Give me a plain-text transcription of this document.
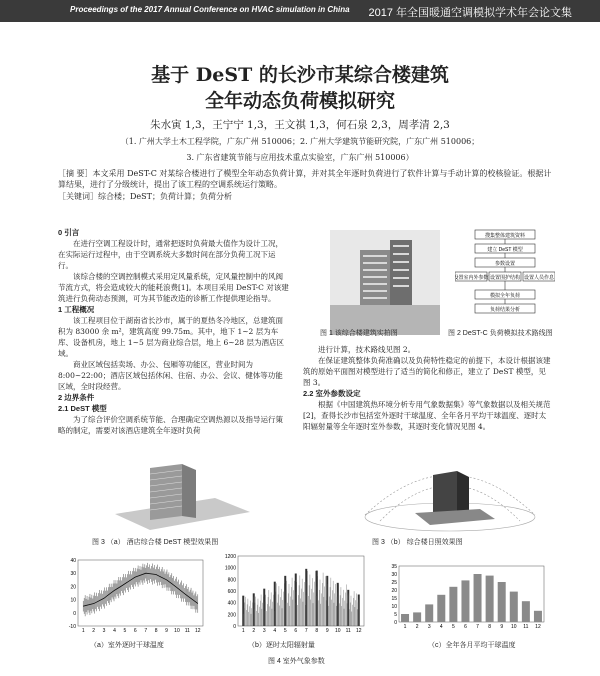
Proceedings of the 2017 Annual Conference on HVAC simulation in China 2017 年全国暖通空调模拟学术年会论文集
基于 DeST 的长沙市某综合楼建筑
全年动态负荷模拟研究
朱水寅 1,3，王宁宁 1,3，王文祺 1,3，何石泉 2,3，周孝清 2,3
（1. 广州大学土木工程学院，广东广州 510006；2. 广州大学建筑节能研究院，广东广州 510006；
3. 广东省建筑节能与应用技术重点实验室，广东广州 510006）
［摘 要］本文采用 DeST-C 对某综合楼进行了模型全年动态负荷计算，并对其全年逐时负荷进行了软件计算与手动计算的校核验证。根据计算结果，进行了分级统计，提出了该工程的空调系统运行策略。
［关键词］综合楼；DeST；负荷计算；负荷分析

0 引言

在进行空调工程设计时，通常把逐时负荷最大值作为设计工况，在实际运行过程中，由于空调系统大多数时间在部分负荷工况下运行。

该综合楼的空调控制模式采用定风量系统，定风量控制中的风阀节流方式，将会造成较大的能耗浪费[1]。本项目采用 DeST-C 对该建筑进行负荷动态预测，可为其节能改造的诊断工作提供理论指导。

1 工程概况

该工程项目位于湖南省长沙市，属于的夏热冬冷地区，总建筑面积为 83000 余 m²，建筑高度 99.75m。其中，地下 1~2 层为车库、设备机房，地上 1~5 层为商业综合层，地上 6~28 层为酒店区域。

商业区域包括卖场、办公、包厢等功能区，营业时间为 8:00~22:00；酒店区域包括休闲、住宿、办公、会议、健体等功能区域，全时段经营。

2 边界条件

2.1 DeST 模型

为了综合评价空调系统节能、合理确定空调热源以及指导运行策略的制定，需要对该酒店建筑全年逐时负荷

图 1 该综合楼建筑实拍图
搜集整体建筑资料
建立 DeST 模型
参数设置
设置室内外参数 设置围护结构 设置人员作息
模拟全年负荷
负荷结果分析
图 2 DeST-C 负荷模拟技术路线图

进行计算，技术路线见图 2。

在保证建筑整体负荷准确以及负荷特性稳定的前提下，本设计根据该建筑的原始平面图对模型进行了适当的简化和修正，建立了 DeST 模型，见图 3。

2.2 室外参数设定

根据《中国建筑热环境分析专用气象数据集》等气象数据以及相关规范[2]，查得长沙市包括室外逐时干球温度、全年各月平均干球温度、逐时太阳辐射量等全年逐时室外参数，其逐时变化情况见图 4。

图 3 （a） 酒店综合楼 DeST 模型效果图	图 3 （b） 综合楼日照效果图
40
30
20
10
0
-10
1 2 3 4 5 6 7 8 9 10 11 12
1200
1000
800
600
400
200
0
1 2 3 4 5 6 7 8 9 10 11 12
35
30
25
20
15
10
5
0
1 2 3 4 5 6 7 8 9 10 11 12
（a）室外逐时干球温度	（b）逐时太阳辐射量	（c）全年各月平均干球温度
图 4 室外气象参数
